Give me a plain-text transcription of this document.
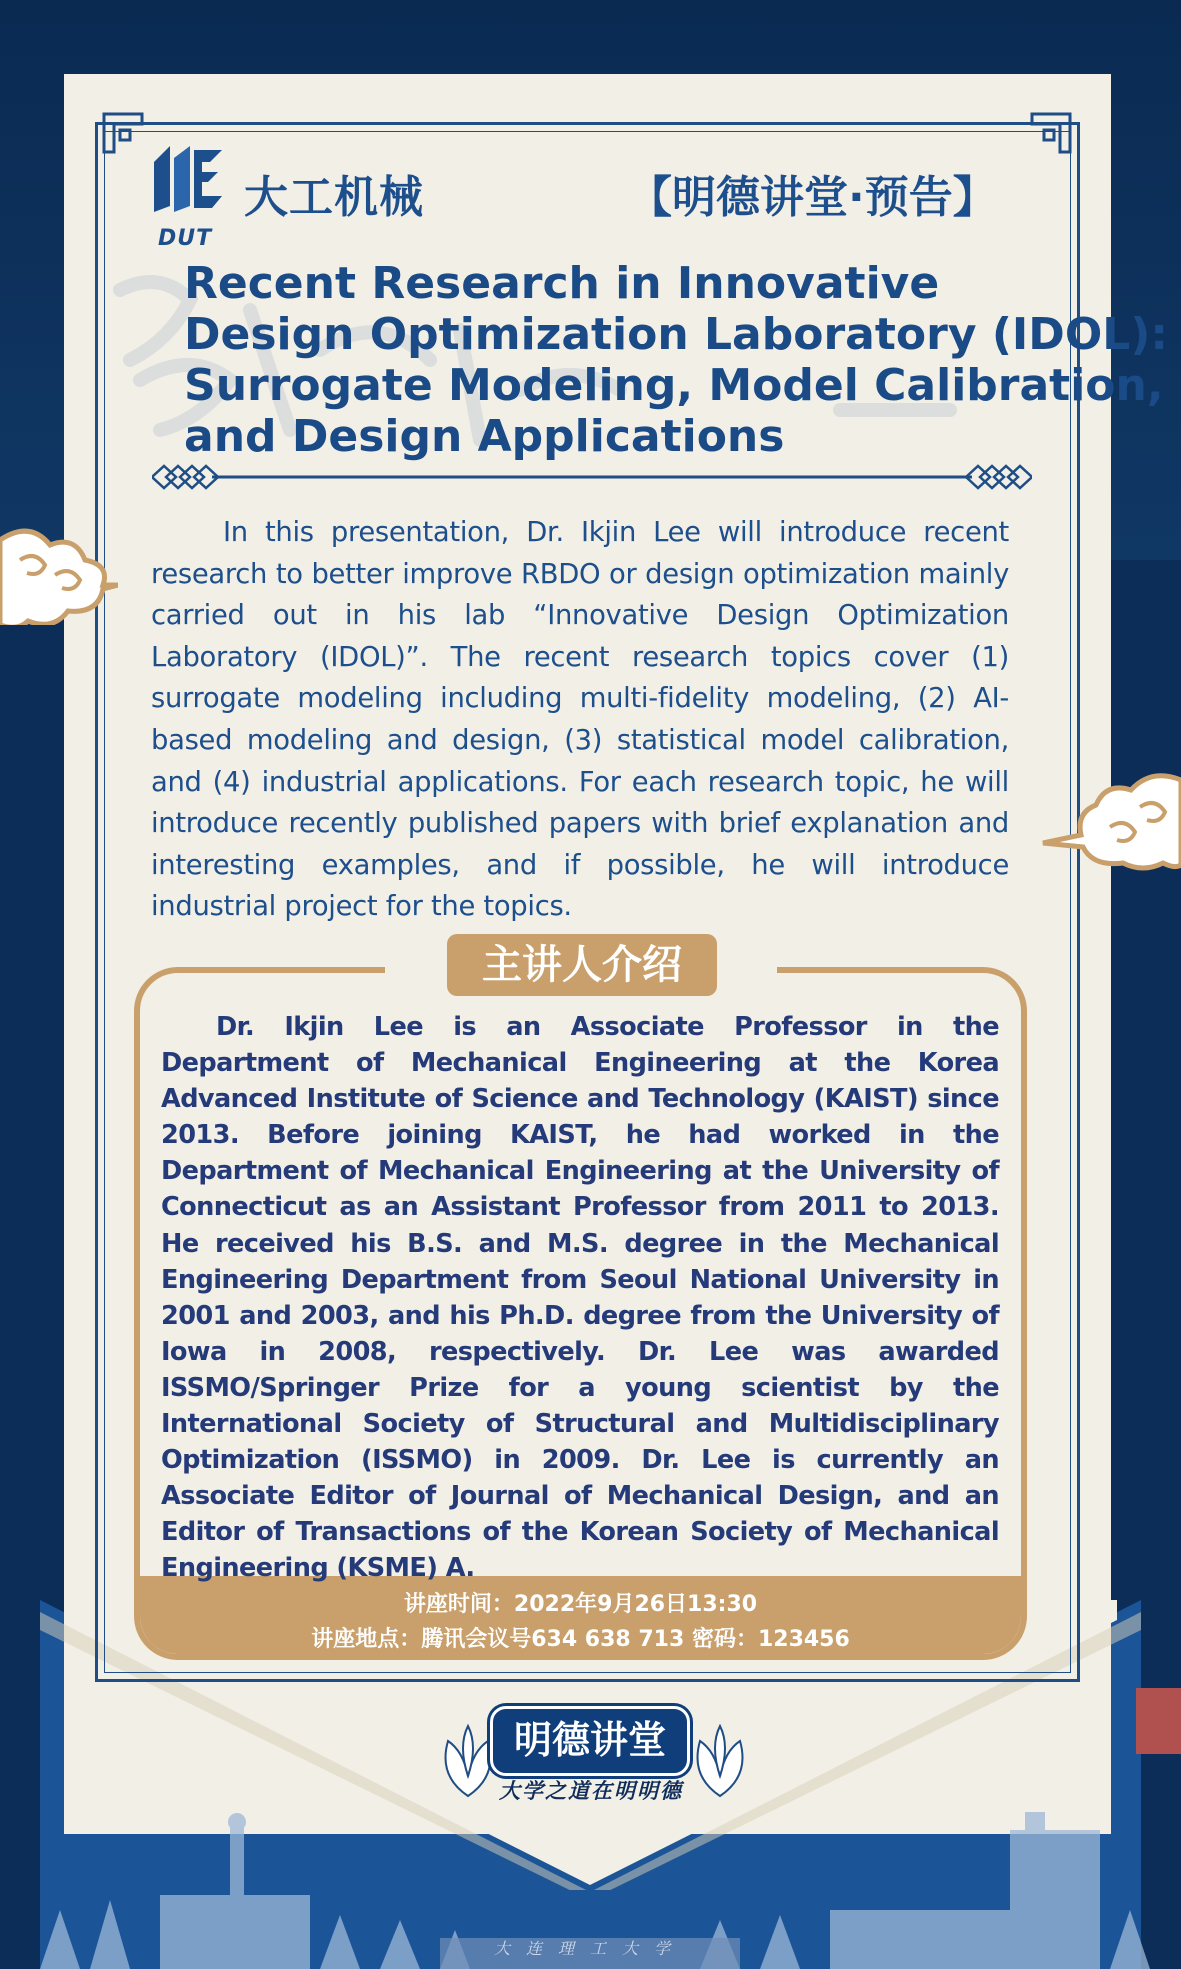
DUT
大工机械	【明德讲堂·预告】
Recent Research in Innovative
Design Optimization Laboratory (IDOL):
Surrogate Modeling, Model Calibration,
and Design Applications

In this presentation, Dr. Ikjin Lee will introduce recent research to better improve RBDO or design optimization mainly carried out in his lab “Innovative Design Optimization Laboratory (IDOL)”. The recent research topics cover (1) surrogate modeling including multi-fidelity modeling, (2) AI-based modeling and design, (3) statistical model calibration, and (4) industrial applications. For each research topic, he will introduce recently published papers with brief explanation and interesting examples, and if possible, he will introduce industrial project for the topics.

主讲人介绍

Dr. Ikjin Lee is an Associate Professor in the Department of Mechanical Engineering at the Korea Advanced Institute of Science and Technology (KAIST) since 2013. Before joining KAIST, he had worked in the Department of Mechanical Engineering at the University of Connecticut as an Assistant Professor from 2011 to 2013. He received his B.S. and M.S. degree in the Mechanical Engineering Department from Seoul National University in 2001 and 2003, and his Ph.D. degree from the University of Iowa in 2008, respectively. Dr. Lee was awarded ISSMO/Springer Prize for a young scientist by the International Society of Structural and Multidisciplinary Optimization (ISSMO) in 2009. Dr. Lee is currently an Associate Editor of Journal of Mechanical Design, and an Editor of Transactions of the Korean Society of Mechanical Engineering (KSME) A.

讲座时间：2022年9月26日13:30
讲座地点：腾讯会议号634 638 713 密码：123456
明德讲堂
大学之道在明明德
大连理工大学
